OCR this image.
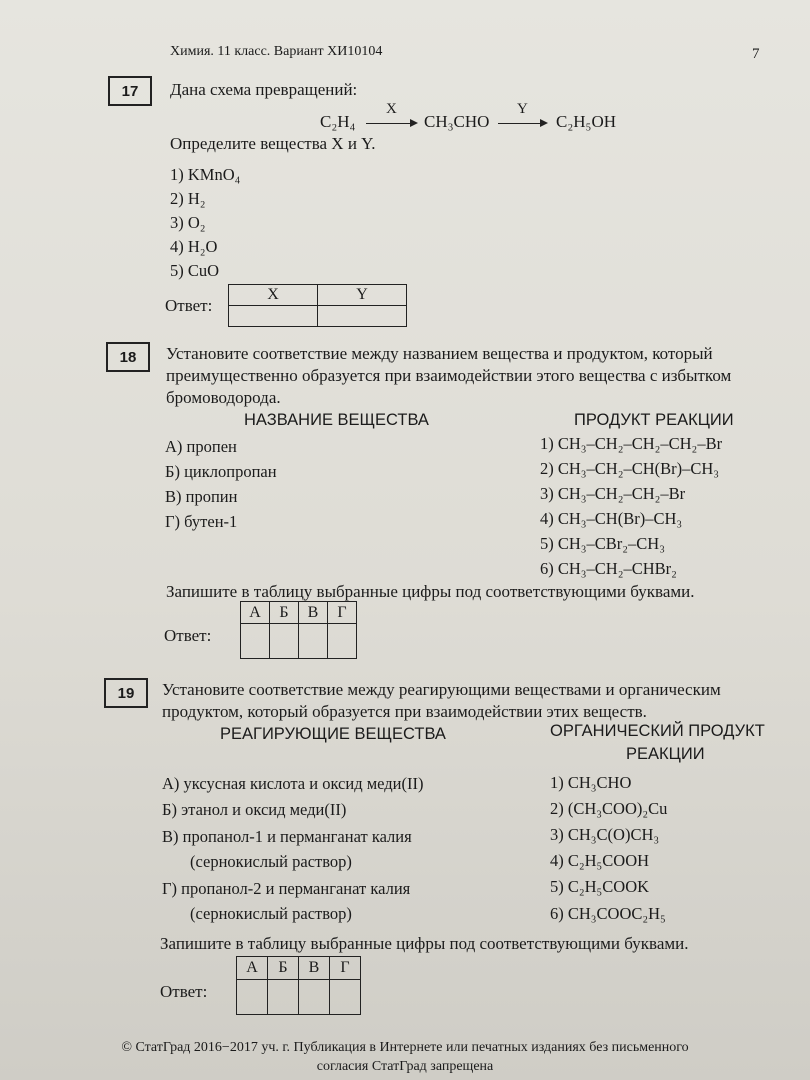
Химия. 11 класс. Вариант ХИ10104	7
17	Дана схема превращений:
C₂H₄
X
CH₃CHO
Y
C₂H₅OH
Определите вещества X и Y.
1) KMnO₄
2) H₂
3) O₂
4) H₂O
5) CuO
Ответ:
X	Y

18	Установите соответствие между названием вещества и продуктом, который
преимущественно образуется при взаимодействии этого вещества с избытком
бромоводорода.
НАЗВАНИЕ ВЕЩЕСТВА	ПРОДУКТ РЕАКЦИИ
А) пропен
Б) циклопропан
В) пропин
Г) бутен-1
1) CH₃–CH₂–CH₂–CH₂–Br
2) CH₃–CH₂–CH(Br)–CH₃
3) CH₃–CH₂–CH₂–Br
4) CH₃–CH(Br)–CH₃
5) CH₃–CBr₂–CH₃
6) CH₃–CH₂–CHBr₂
Запишите в таблицу выбранные цифры под соответствующими буквами.
Ответ:
А	Б	В	Г

19	Установите соответствие между реагирующими веществами и органическим
продуктом, который образуется при взаимодействии этих веществ.
РЕАГИРУЮЩИЕ ВЕЩЕСТВА	ОРГАНИЧЕСКИЙ ПРОДУКТ
РЕАКЦИИ
А) уксусная кислота и оксид меди(II)
Б) этанол и оксид меди(II)
В) пропанол-1 и перманганат калия
(сернокислый раствор)
Г) пропанол-2 и перманганат калия
(сернокислый раствор)
1) CH₃CHO
2) (CH₃COO)₂Cu
3) CH₃C(O)CH₃
4) C₂H₅COOH
5) C₂H₅COOK
6) CH₃COOC₂H₅
Запишите в таблицу выбранные цифры под соответствующими буквами.
Ответ:
А	Б	В	Г

© СтатГрад 2016−2017 уч. г. Публикация в Интернете или печатных изданиях без письменного
согласия СтатГрад запрещена
